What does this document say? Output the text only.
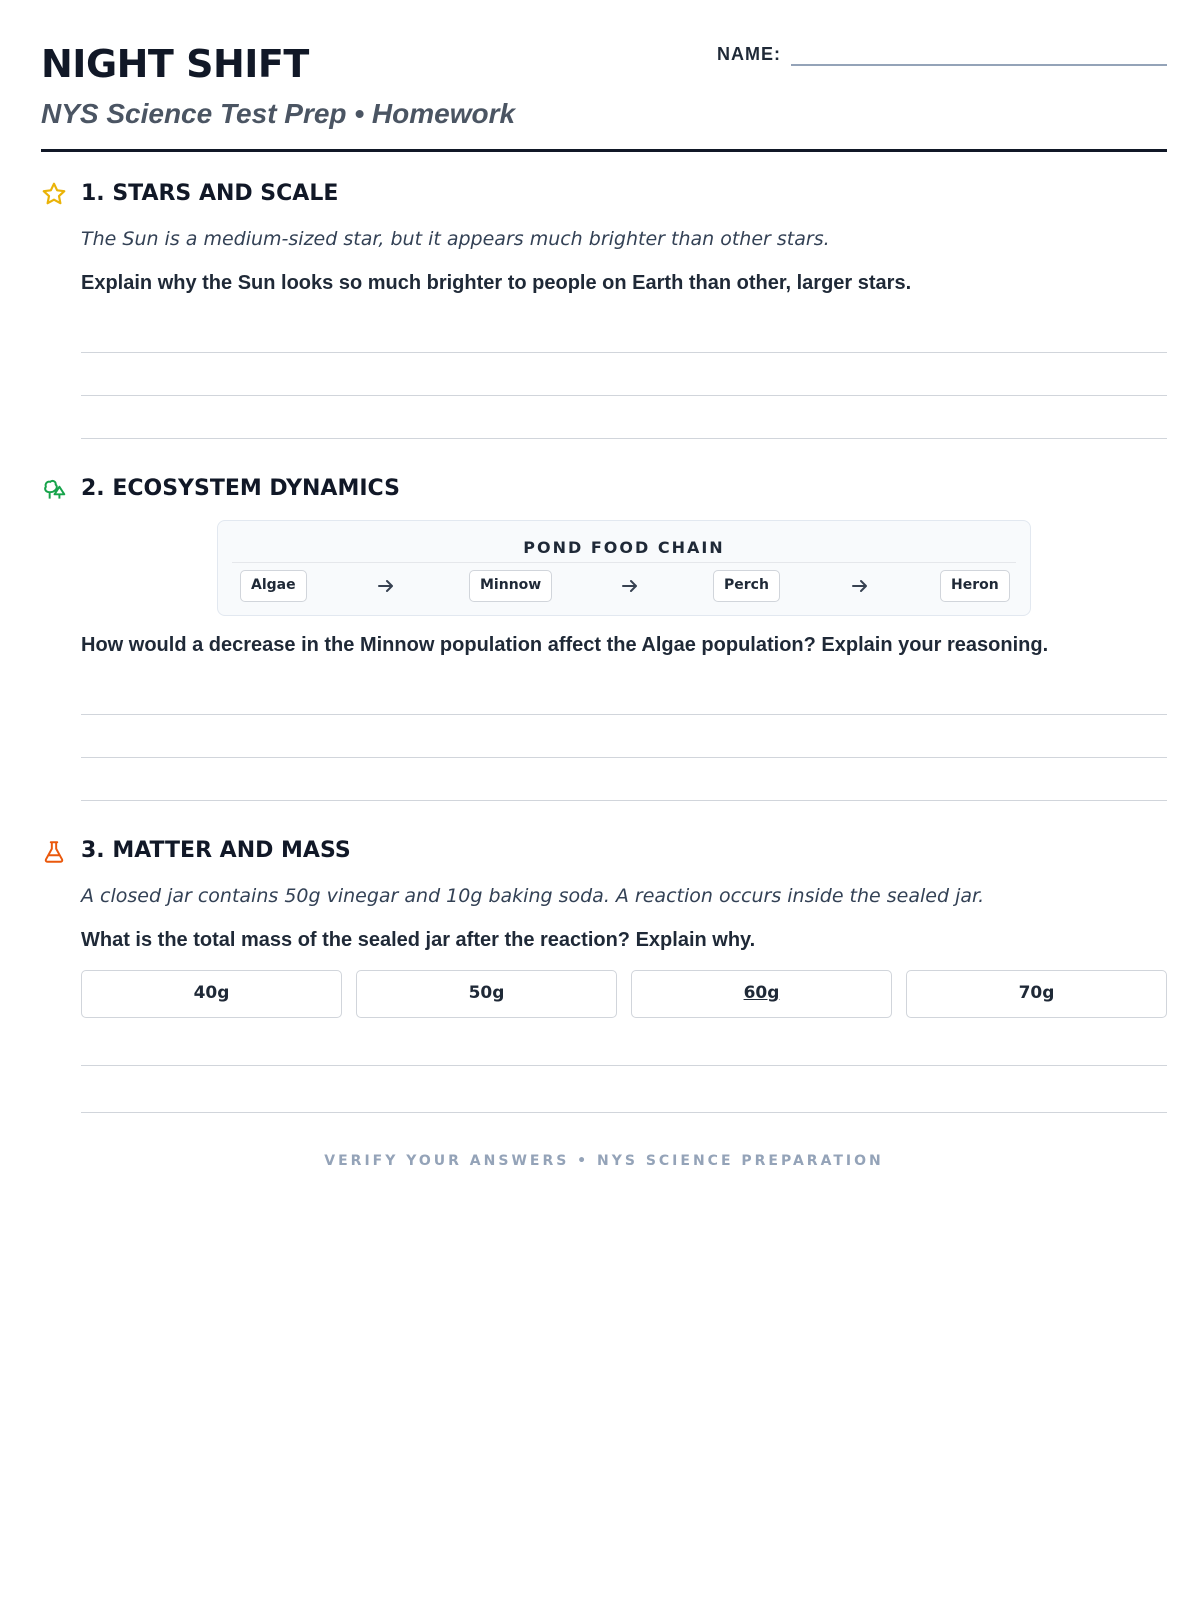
NIGHT SHIFT
NYS Science Test Prep • Homework
NAME:
1. STARS AND SCALE
The Sun is a medium-sized star, but it appears much brighter than other stars.
Explain why the Sun looks so much brighter to people on Earth than other, larger stars.
2. ECOSYSTEM DYNAMICS
POND FOOD CHAIN
Algae	Minnow	Perch	Heron
How would a decrease in the Minnow population affect the Algae population? Explain your reasoning.
3. MATTER AND MASS
A closed jar contains 50g vinegar and 10g baking soda. A reaction occurs inside the sealed jar.
What is the total mass of the sealed jar after the reaction? Explain why.
40g	50g	60g	70g
VERIFY YOUR ANSWERS • NYS SCIENCE PREPARATION
